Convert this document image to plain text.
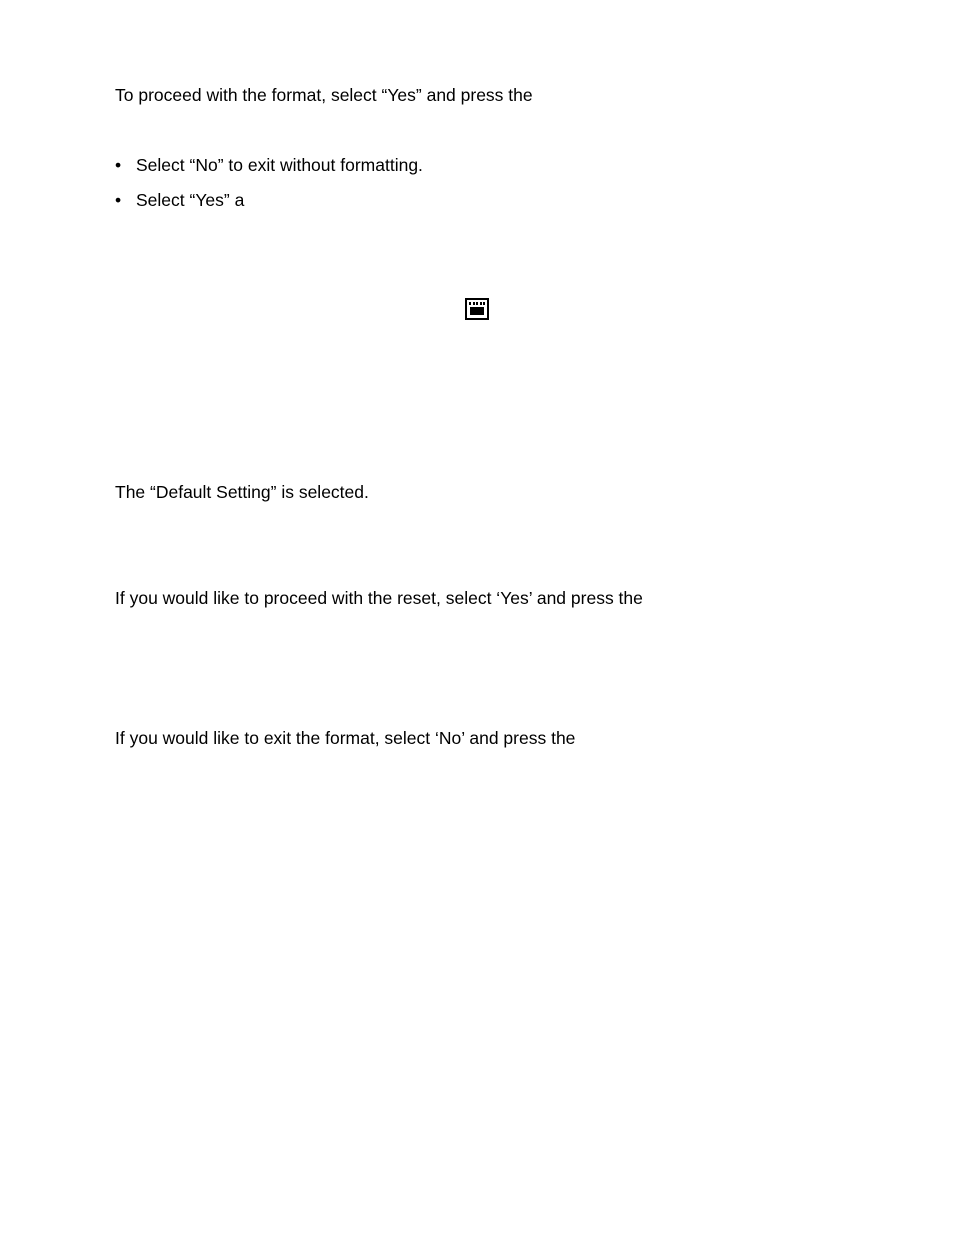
To proceed with the format, select “Yes” and press the
• Select “No” to exit without formatting.
• Select “Yes” a
The “Default Setting” is selected.
If you would like to proceed with the reset, select ‘Yes’ and press the
If you would like to exit the format, select ‘No’ and press the
